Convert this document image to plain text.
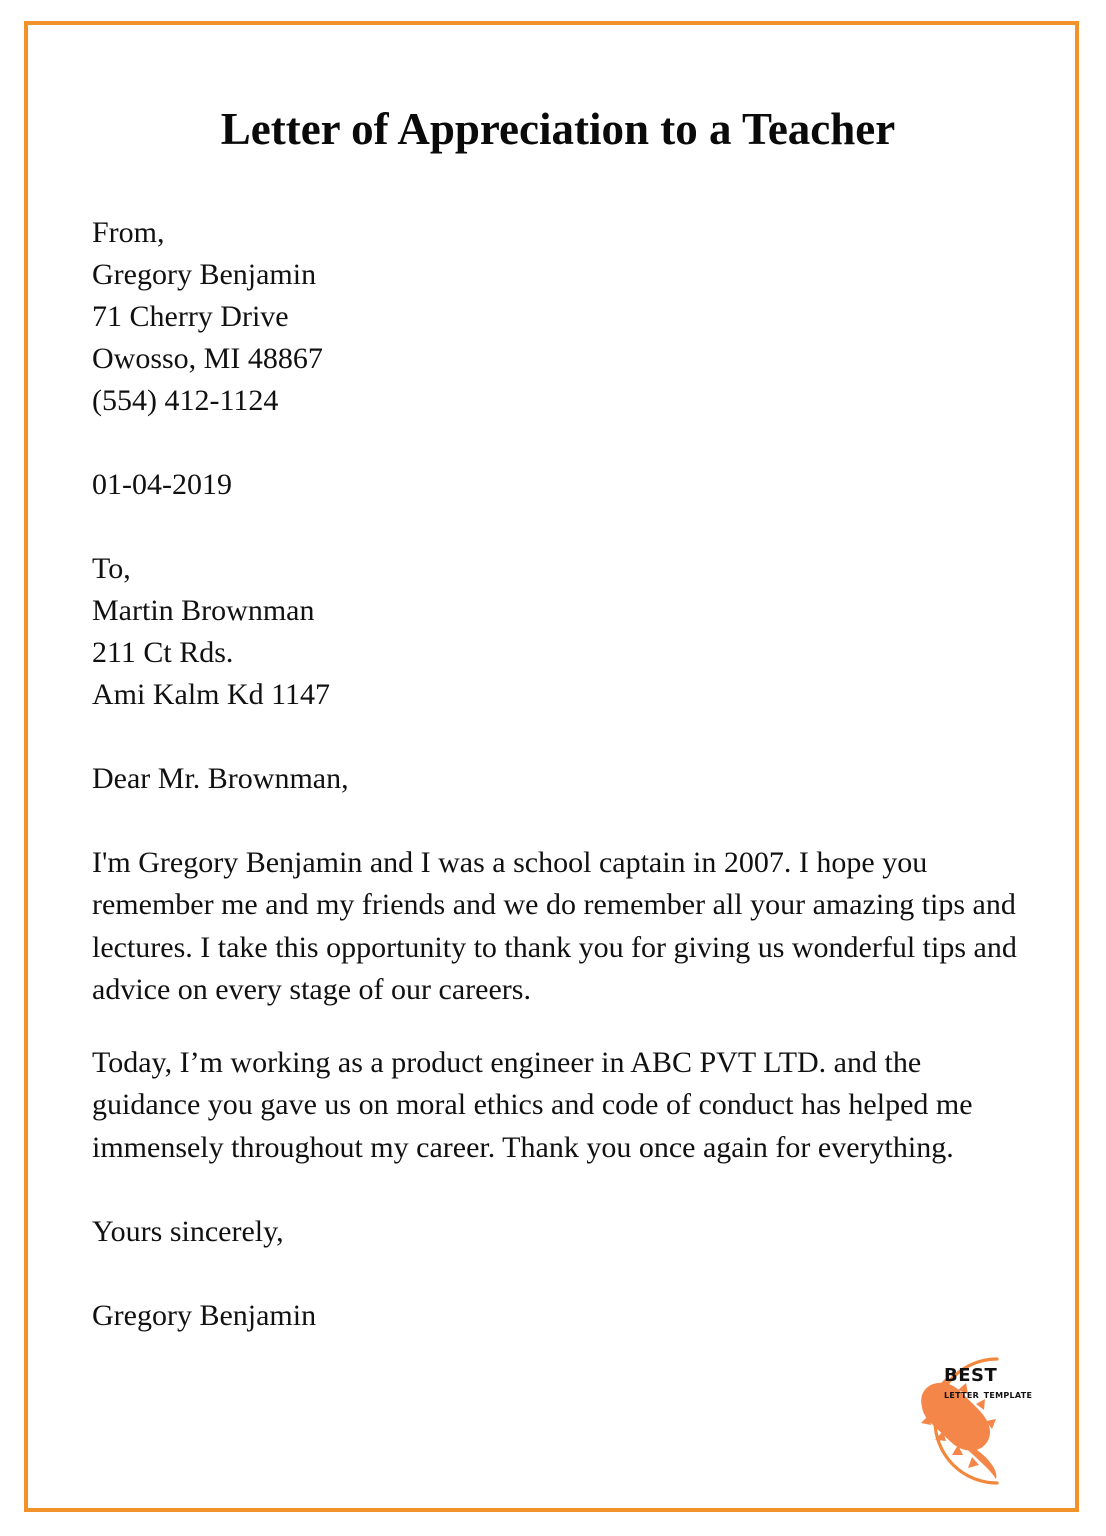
Letter of Appreciation to a Teacher
From,
Gregory Benjamin
71 Cherry Drive
Owosso, MI 48867
(554) 412-1124
01-04-2019
To,
Martin Brownman
211 Ct Rds.
Ami Kalm Kd 1147
Dear Mr. Brownman,

I'm Gregory Benjamin and I was a school captain in 2007. I hope you remember me and my friends and we do remember all your amazing tips and lectures. I take this opportunity to thank you for giving us wonderful tips and advice on every stage of our careers.

Today, I’m working as a product engineer in ABC PVT LTD. and the guidance you gave us on moral ethics and code of conduct has helped me immensely throughout my career. Thank you once again for everything.

Yours sincerely,
Gregory Benjamin
best
letter template
